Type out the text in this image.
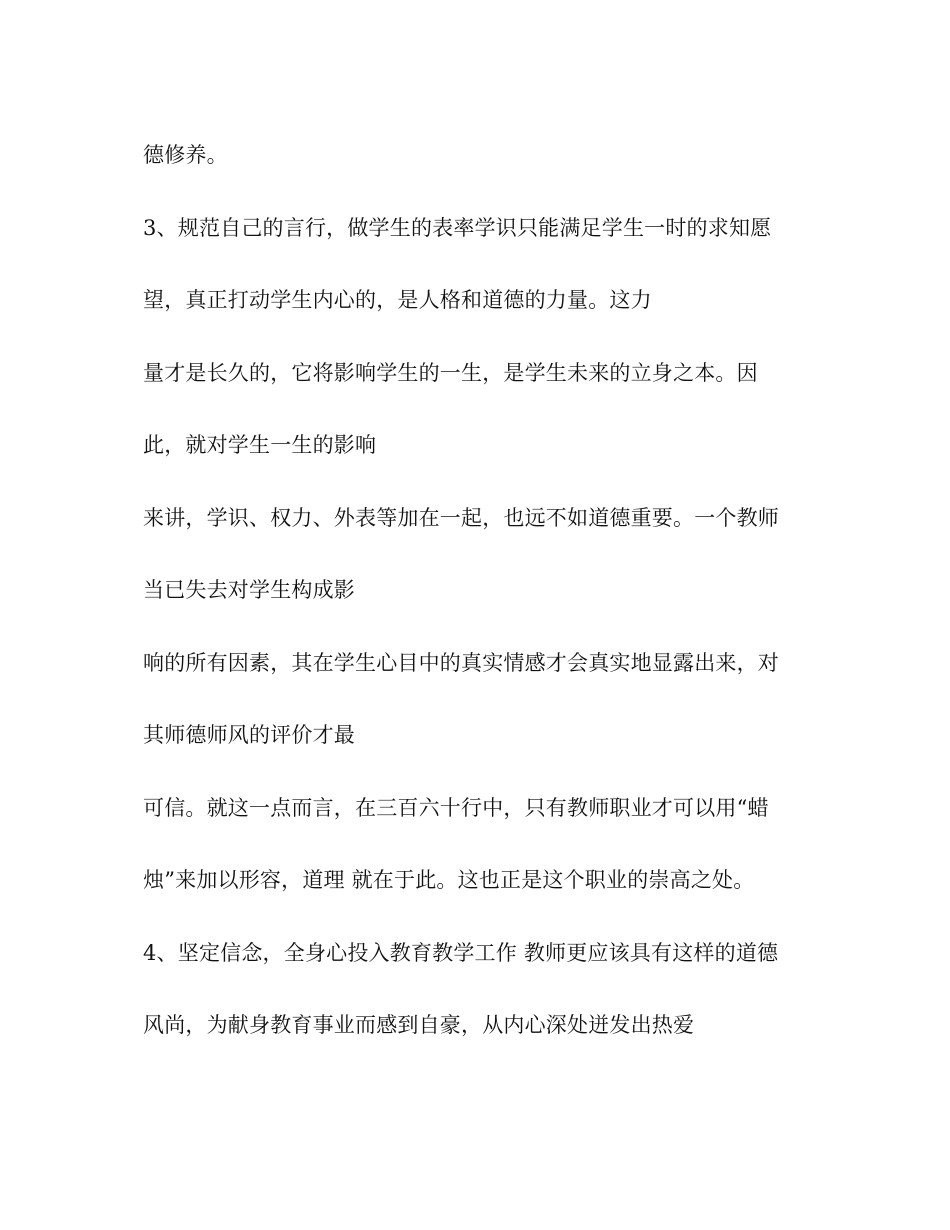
德修养。

3、规范自己的言行，做学生的表率学识只能满足学生一时的求知愿

望，真正打动学生内心的，是人格和道德的力量。这力

量才是长久的，它将影响学生的一生，是学生未来的立身之本。因

此，就对学生一生的影响

来讲，学识、权力、外表等加在一起，也远不如道德重要。一个教师

当已失去对学生构成影

响的所有因素，其在学生心目中的真实情感才会真实地显露出来，对

其师德师风的评价才最

可信。就这一点而言，在三百六十行中，只有教师职业才可以用“蜡

烛”来加以形容，道理 就在于此。这也正是这个职业的崇高之处。

4、坚定信念，全身心投入教育教学工作 教师更应该具有这样的道德

风尚，为献身教育事业而感到自豪，从内心深处迸发出热爱
